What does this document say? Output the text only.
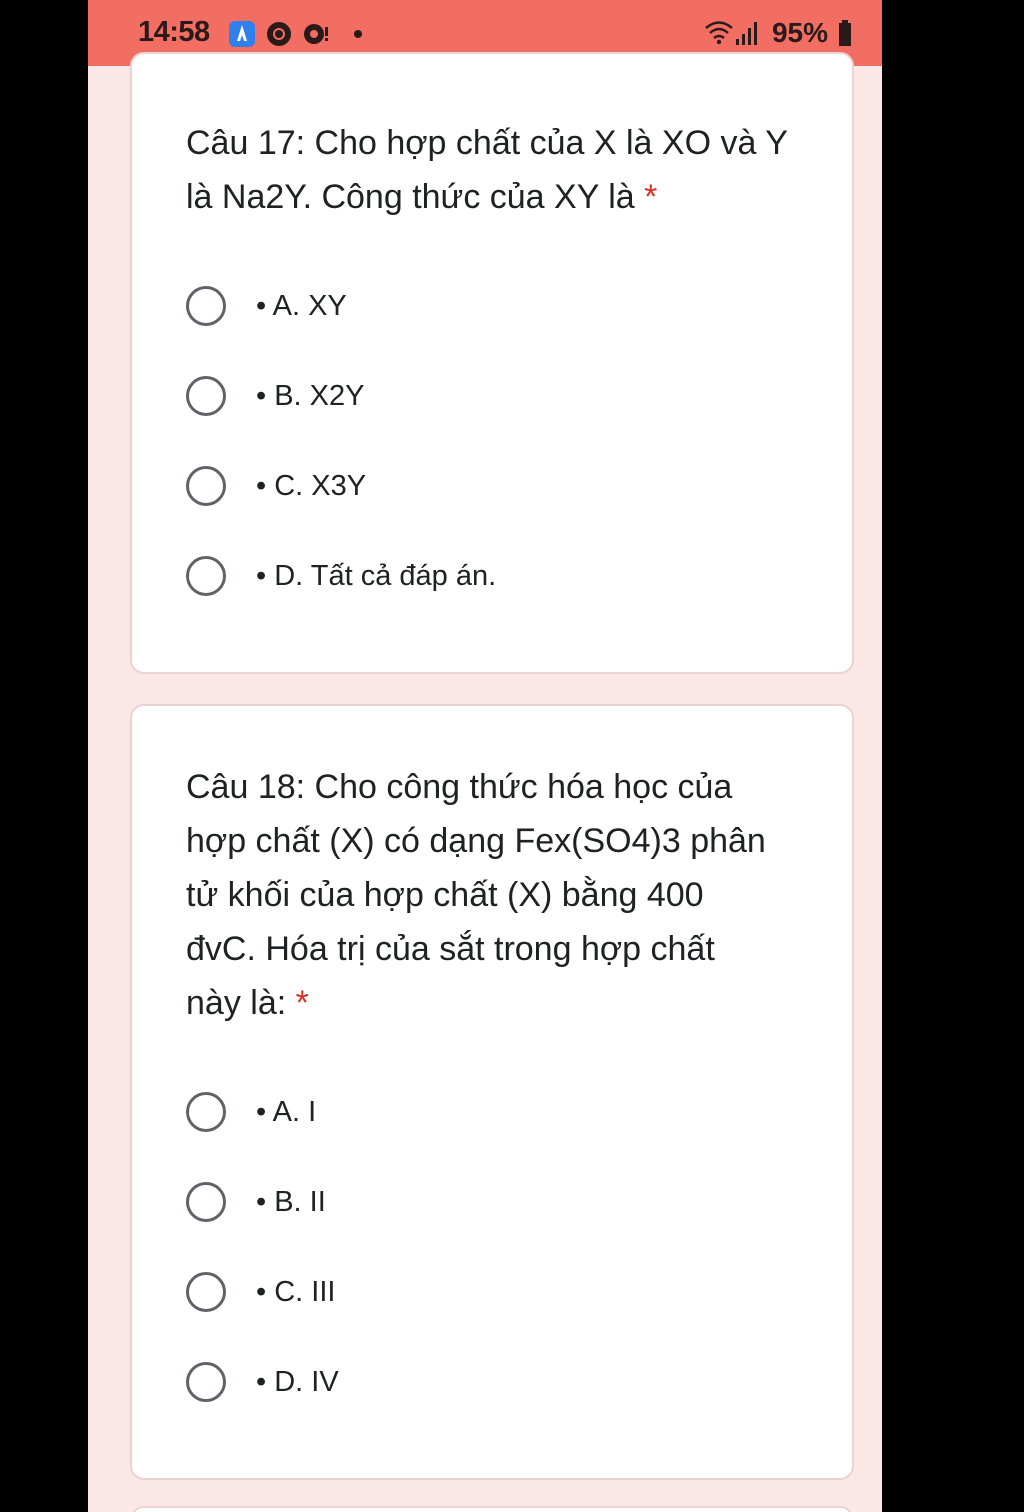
14:58	95%

Câu 17: Cho hợp chất của X là XO và Y
là Na2Y. Công thức của XY là *

• A. XY
• B. X2Y
• C. X3Y
• D. Tất cả đáp án.

Câu 18: Cho công thức hóa học của
hợp chất (X) có dạng Fex(SO4)3 phân
tử khối của hợp chất (X) bằng 400
đvC. Hóa trị của sắt trong hợp chất
này là: *

• A. I
• B. II
• C. III
• D. IV
